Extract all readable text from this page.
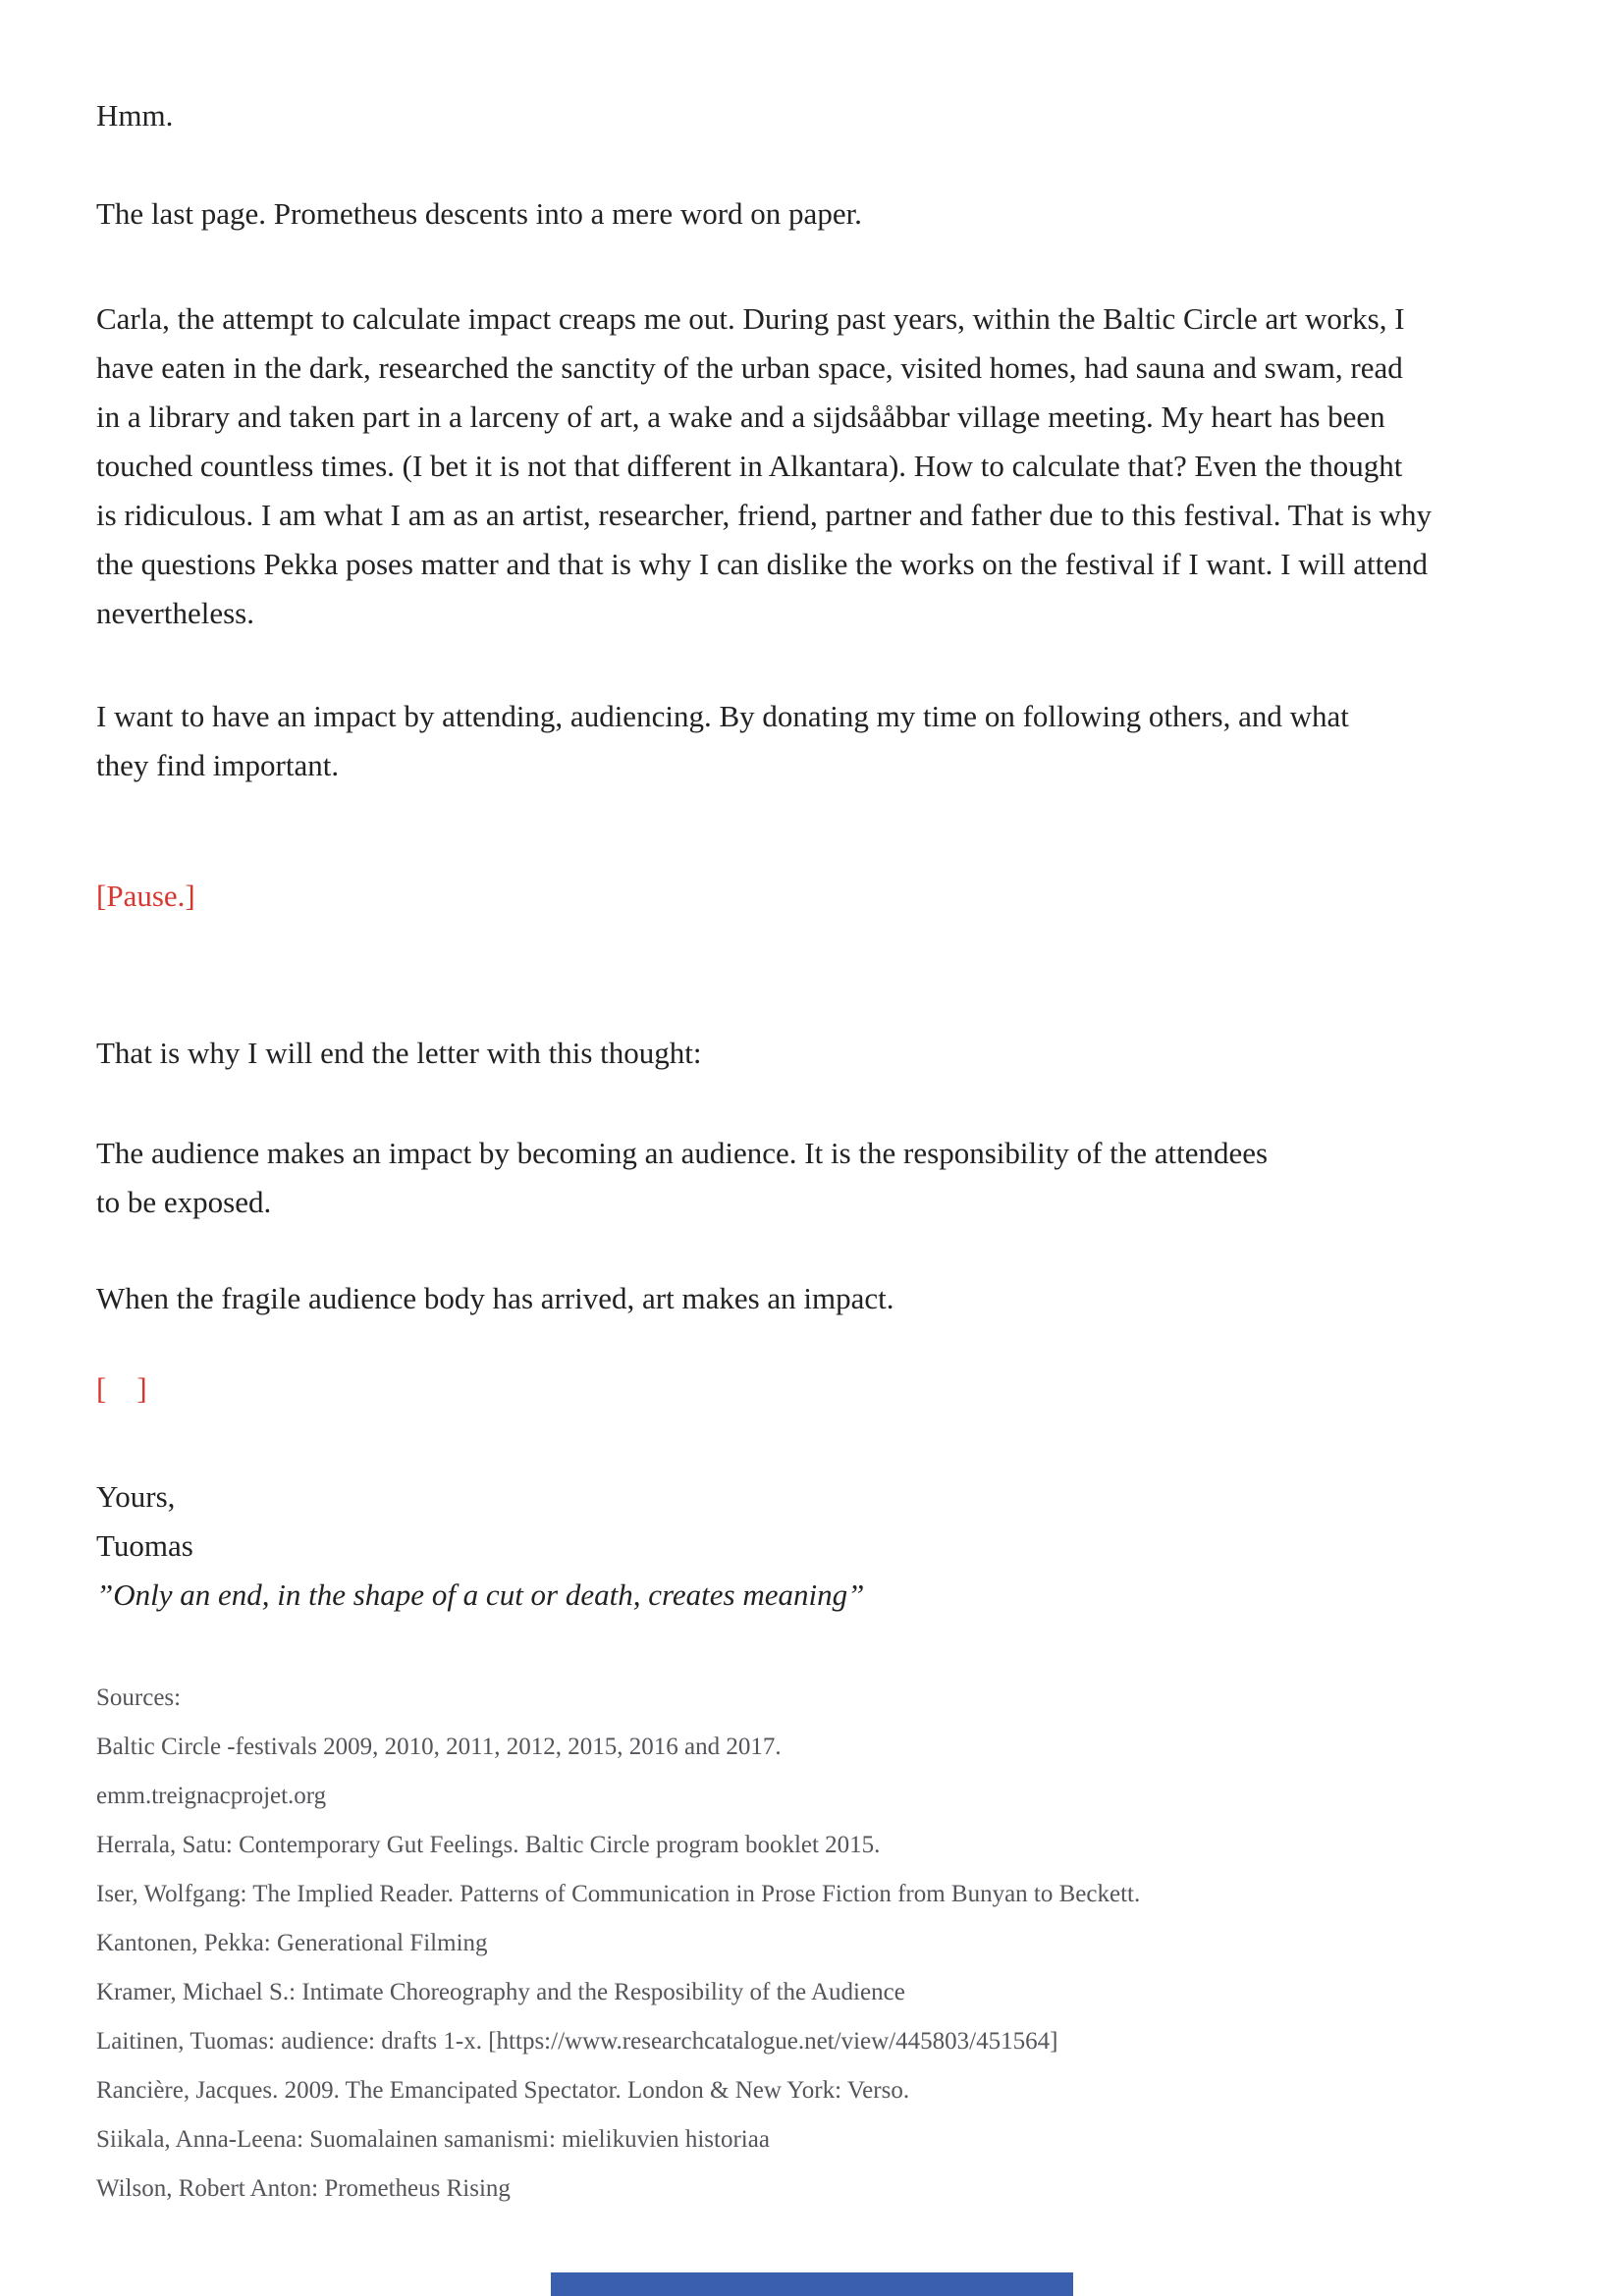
Hmm.
The last page. Prometheus descents into a mere word on paper.
Carla, the attempt to calculate impact creaps me out. During past years, within the Baltic Circle art works, I
have eaten in the dark, researched the sanctity of the urban space, visited homes, had sauna and swam, read
in a library and taken part in a larceny of art, a wake and a sijdsååbbar village meeting. My heart has been
touched countless times. (I bet it is not that different in Alkantara). How to calculate that? Even the thought
is ridiculous. I am what I am as an artist, researcher, friend, partner and father due to this festival. That is why
the questions Pekka poses matter and that is why I can dislike the works on the festival if I want. I will attend
nevertheless.
I want to have an impact by attending, audiencing. By donating my time on following others, and what
they find important.
[Pause.]
That is why I will end the letter with this thought:
The audience makes an impact by becoming an audience. It is the responsibility of the attendees
to be exposed.
When the fragile audience body has arrived, art makes an impact.
[    ]
Yours,
Tuomas
”Only an end, in the shape of a cut or death, creates meaning”
Sources:
Baltic Circle -festivals 2009, 2010, 2011, 2012, 2015, 2016 and 2017.
emm.treignacprojet.org
Herrala, Satu: Contemporary Gut Feelings. Baltic Circle program booklet 2015.
Iser, Wolfgang: The Implied Reader. Patterns of Communication in Prose Fiction from Bunyan to Beckett.
Kantonen, Pekka: Generational Filming
Kramer, Michael S.: Intimate Choreography and the Resposibility of the Audience
Laitinen, Tuomas: audience: drafts 1-x. [https://www.researchcatalogue.net/view/445803/451564]
Rancière, Jacques. 2009. The Emancipated Spectator. London & New York: Verso.
Siikala, Anna-Leena: Suomalainen samanismi: mielikuvien historiaa
Wilson, Robert Anton: Prometheus Rising
